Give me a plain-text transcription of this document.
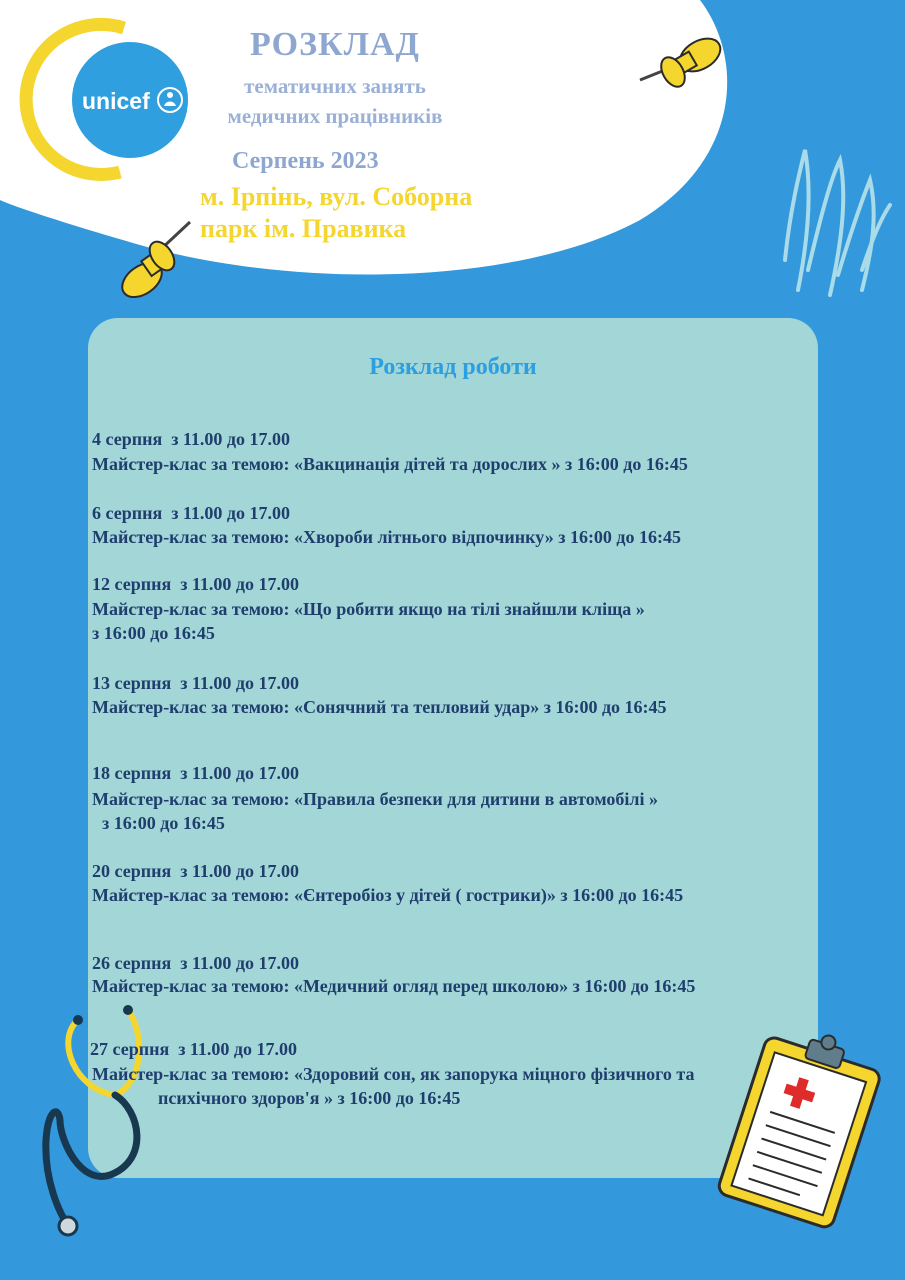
unicef
РОЗКЛАД
тематичних занять
медичних працівників
Серпень 2023
м. Ірпінь, вул. Соборна
парк ім. Правика
Розклад роботи
4 серпня  з 11.00 до 17.00
Майстер-клас за темою: «Вакцинація дітей та дорослих » з 16:00 до 16:45
6 серпня  з 11.00 до 17.00
Майстер-клас за темою: «Хвороби літнього відпочинку» з 16:00 до 16:45
12 серпня  з 11.00 до 17.00
Майстер-клас за темою: «Що робити якщо на тілі знайшли кліща »
з 16:00 до 16:45
13 серпня  з 11.00 до 17.00
Майстер-клас за темою: «Сонячний та тепловий удар» з 16:00 до 16:45
18 серпня  з 11.00 до 17.00
Майстер-клас за темою: «Правила безпеки для дитини в автомобілі »
з 16:00 до 16:45
20 серпня  з 11.00 до 17.00
Майстер-клас за темою: «Єнтеробіоз у дітей ( гострики)» з 16:00 до 16:45
26 серпня  з 11.00 до 17.00
Майстер-клас за темою: «Медичний огляд перед школою» з 16:00 до 16:45
27 серпня  з 11.00 до 17.00
Майстер-клас за темою: «Здоровий сон, як запорука міцного фізичного та
психічного здоров'я » з 16:00 до 16:45
